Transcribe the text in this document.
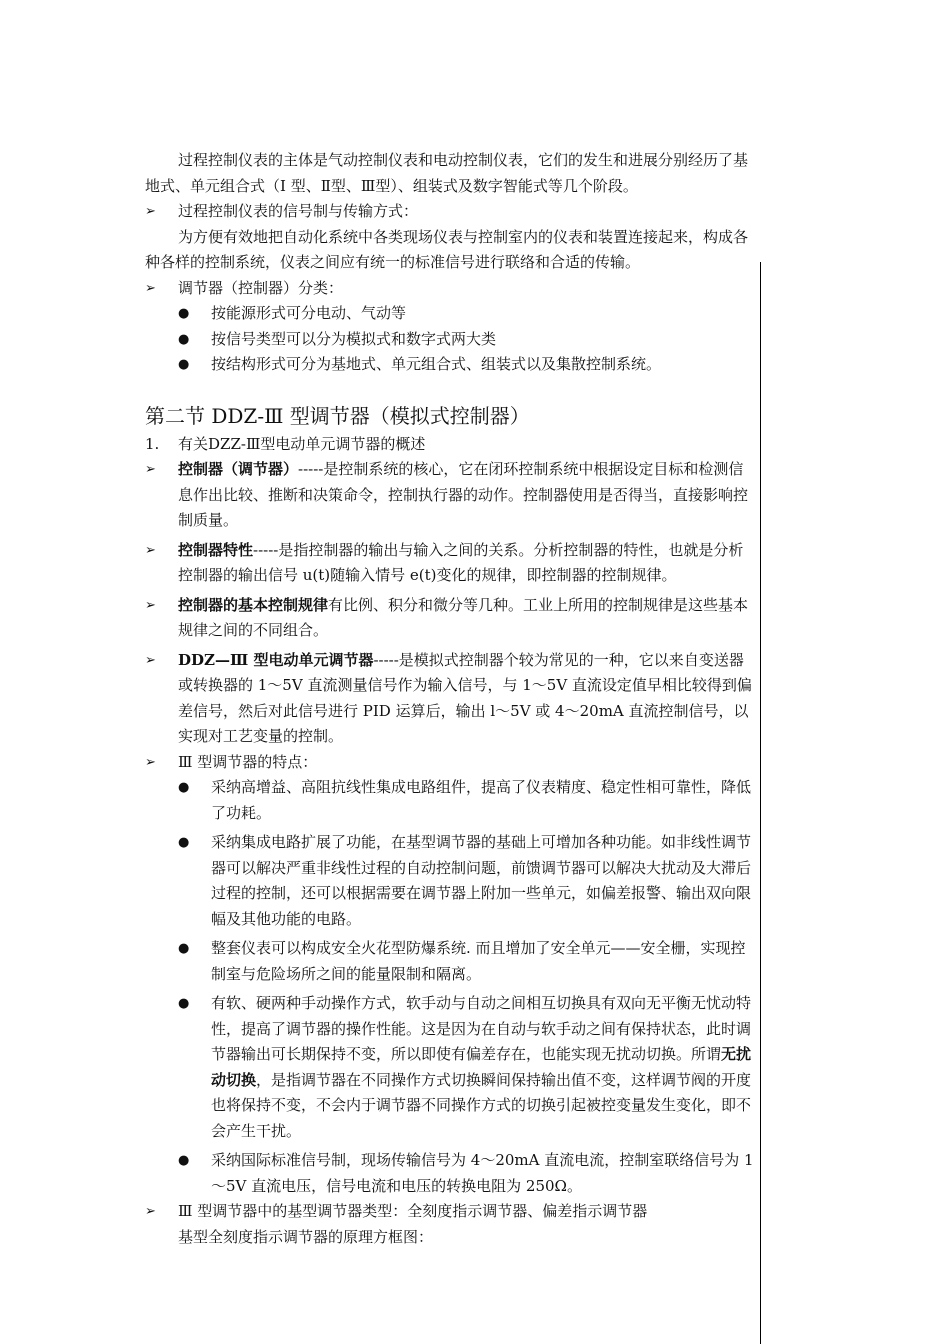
过程控制仪表的主体是气动控制仪表和电动控制仪表，它们的发生和进展分别经历了基地式、单元组合式（Ⅰ 型、Ⅱ型、Ⅲ型）、组装式及数字智能式等几个阶段。

➢	过程控制仪表的信号制与传输方式：

为方便有效地把自动化系统中各类现场仪表与控制室内的仪表和装置连接起来，构成各种各样的控制系统，仪表之间应有统一的标准信号进行联络和合适的传输。

➢	调节器（控制器）分类：
● 按能源形式可分电动、气动等
● 按信号类型可以分为模拟式和数字式两大类
● 按结构形式可分为基地式、单元组合式、组装式以及集散控制系统。

第二节 DDZ-Ⅲ 型调节器（模拟式控制器）

1. 有关DZZ-Ⅲ型电动单元调节器的概述
➢	控制器（调节器）-----是控制系统的核心，它在闭环控制系统中根据设定目标和检测信息作出比较、推断和决策命令，控制执行器的动作。控制器使用是否得当，直接影响控制质量。
➢	控制器特性-----是指控制器的输出与输入之间的关系。分析控制器的特性，也就是分析控制器的输出信号 u(t)随输入情号 e(t)变化的规律，即控制器的控制规律。
➢	控制器的基本控制规律有比例、积分和微分等几种。工业上所用的控制规律是这些基本规律之间的不同组合。
➢	DDZ—Ⅲ 型电动单元调节器-----是模拟式控制器个较为常见的一种，它以来自变送器或转换器的 1～5V 直流测量信号作为输入信号，与 1～5V 直流设定值早相比较得到偏差信号，然后对此信号进行 PID 运算后，输出 l～5V 或 4～20mA 直流控制信号，以实现对工艺变量的控制。
➢	Ⅲ 型调节器的特点：
● 采纳高增益、高阻抗线性集成电路组件，提高了仪表精度、稳定性相可靠性，降低了功耗。
● 采纳集成电路扩展了功能，在基型调节器的基础上可增加各种功能。如非线性调节器可以解决严重非线性过程的自动控制问题，前馈调节器可以解决大扰动及大滞后过程的控制，还可以根据需要在调节器上附加一些单元，如偏差报警、输出双向限幅及其他功能的电路。
● 整套仪表可以构成安全火花型防爆系统. 而且增加了安全单元——安全栅，实现控制室与危险场所之间的能量限制和隔离。
● 有软、硬两种手动操作方式，软手动与自动之间相互切换具有双向无平衡无忧动特性，提高了调节器的操作性能。这是因为在自动与软手动之间有保持状态，此时调节器输出可长期保持不变，所以即使有偏差存在，也能实现无扰动切换。所谓无扰动切换，是指调节器在不同操作方式切换瞬间保持输出值不变，这样调节阀的开度也将保持不变，不会内于调节器不同操作方式的切换引起被控变量发生变化，即不会产生干扰。
● 采纳国际标准信号制，现场传输信号为 4～20mA 直流电流，控制室联络信号为 1～5V 直流电压，信号电流和电压的转换电阻为 250Ω。
➢	Ⅲ 型调节器中的基型调节器类型：全刻度指示调节器、偏差指示调节器

基型全刻度指示调节器的原理方框图：
